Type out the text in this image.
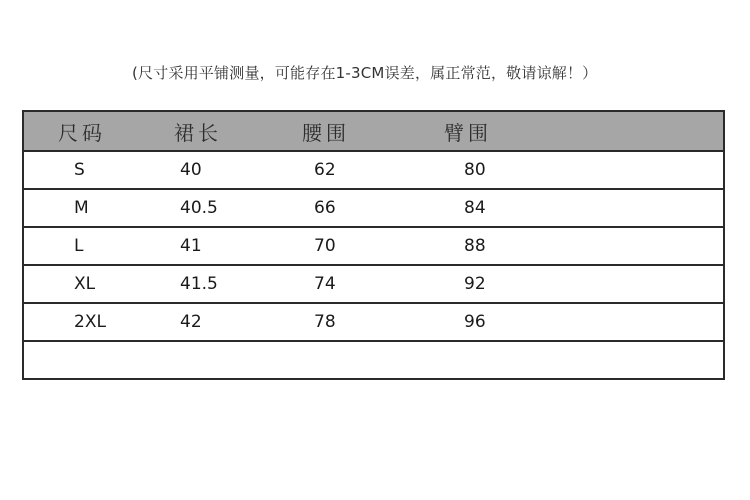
(尺寸采用平铺测量，可能存在1-3CM误差，属正常范，敬请谅解！）
尺码	裙长	腰围	臂围
S	40	62	80
M	40.5	66	84
L	41	70	88
XL	41.5	74	92
2XL	42	78	96
